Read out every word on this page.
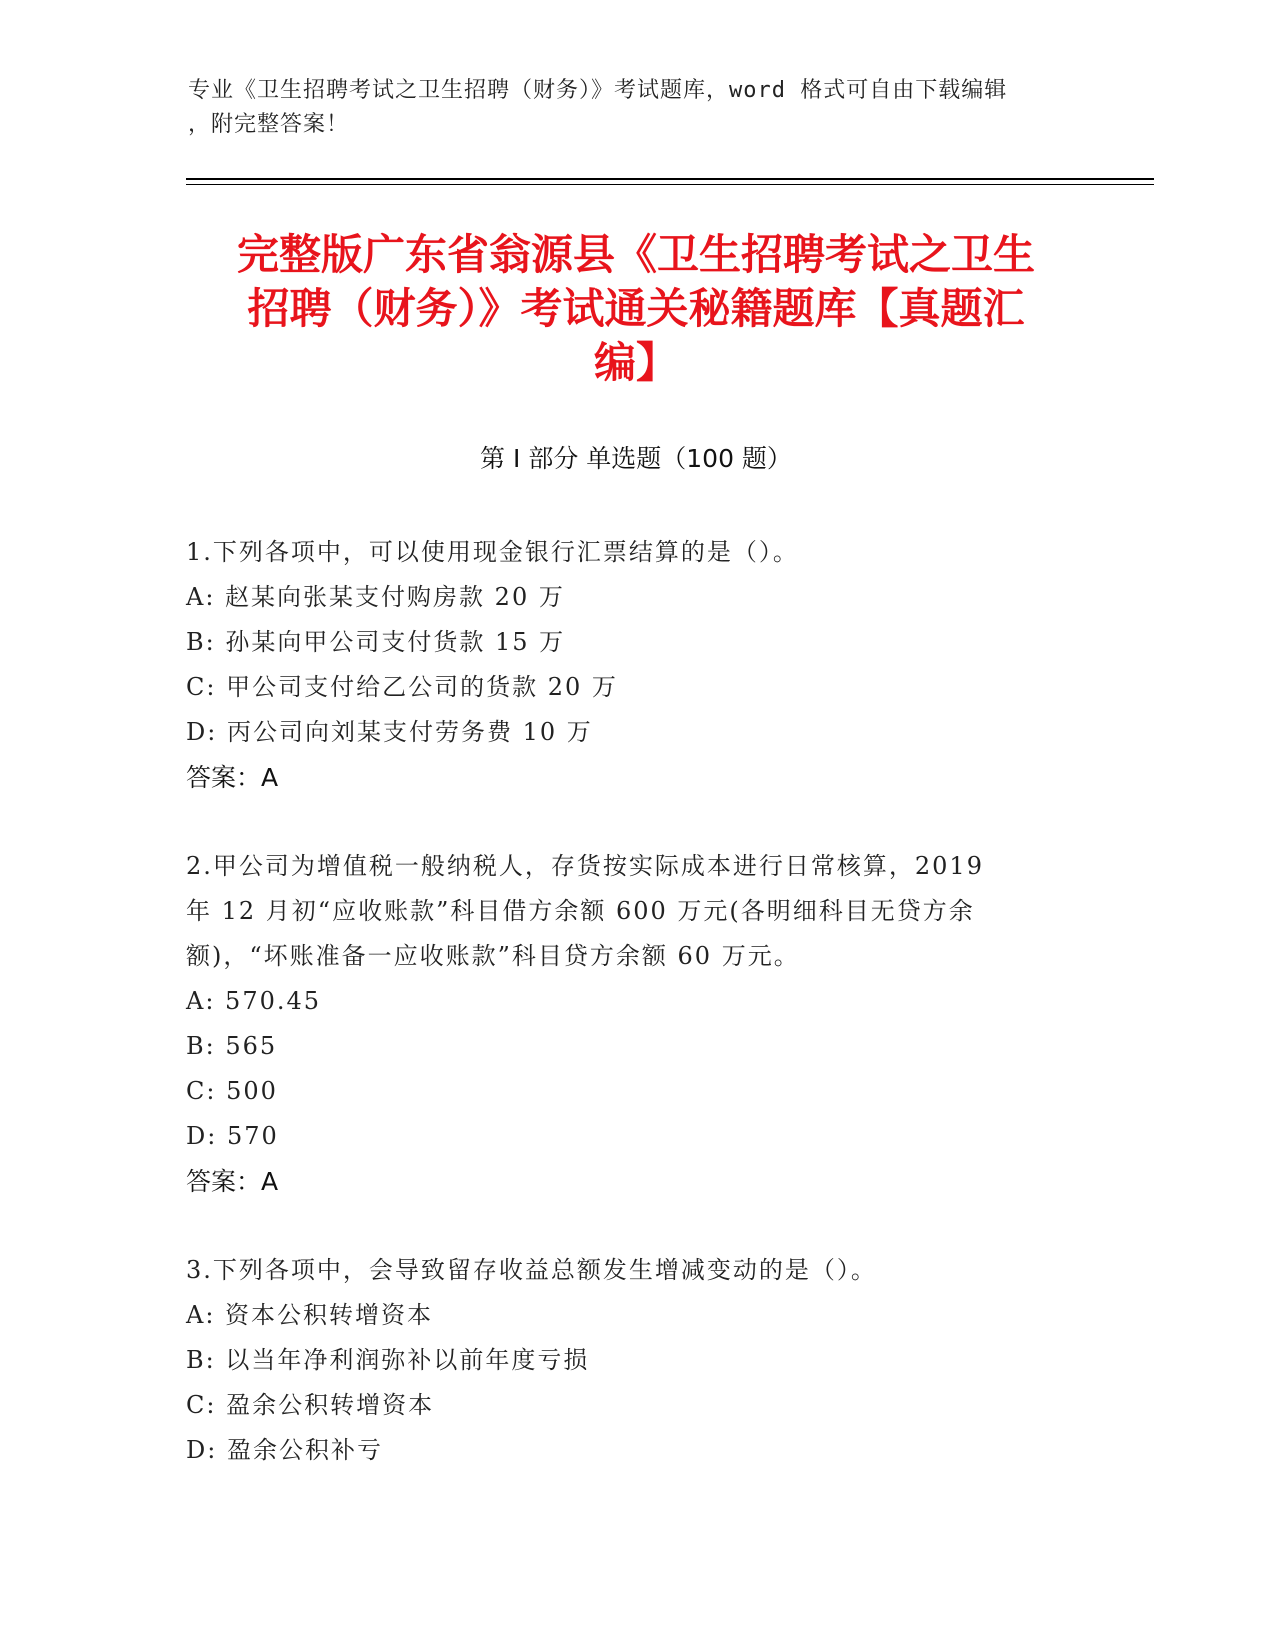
专业《卫生招聘考试之卫生招聘（财务）》考试题库，word 格式可自由下载编辑
，附完整答案！
完整版广东省翁源县《卫生招聘考试之卫生
招聘（财务）》考试通关秘籍题库【真题汇
编】
第 I 部分 单选题（100 题）
1.下列各项中，可以使用现金银行汇票结算的是（）。
A: 赵某向张某支付购房款 20 万
B: 孙某向甲公司支付货款 15 万
C: 甲公司支付给乙公司的货款 20 万
D: 丙公司向刘某支付劳务费 10 万
答案：A
2.甲公司为增值税一般纳税人，存货按实际成本进行日常核算，2019
年 12 月初“应收账款”科目借方余额 600 万元(各明细科目无贷方余
额)，“坏账准备一应收账款”科目贷方余额 60 万元。
A: 570.45
B: 565
C: 500
D: 570
答案：A
3.下列各项中，会导致留存收益总额发生增减变动的是（）。
A: 资本公积转增资本
B: 以当年净利润弥补以前年度亏损
C: 盈余公积转增资本
D: 盈余公积补亏
